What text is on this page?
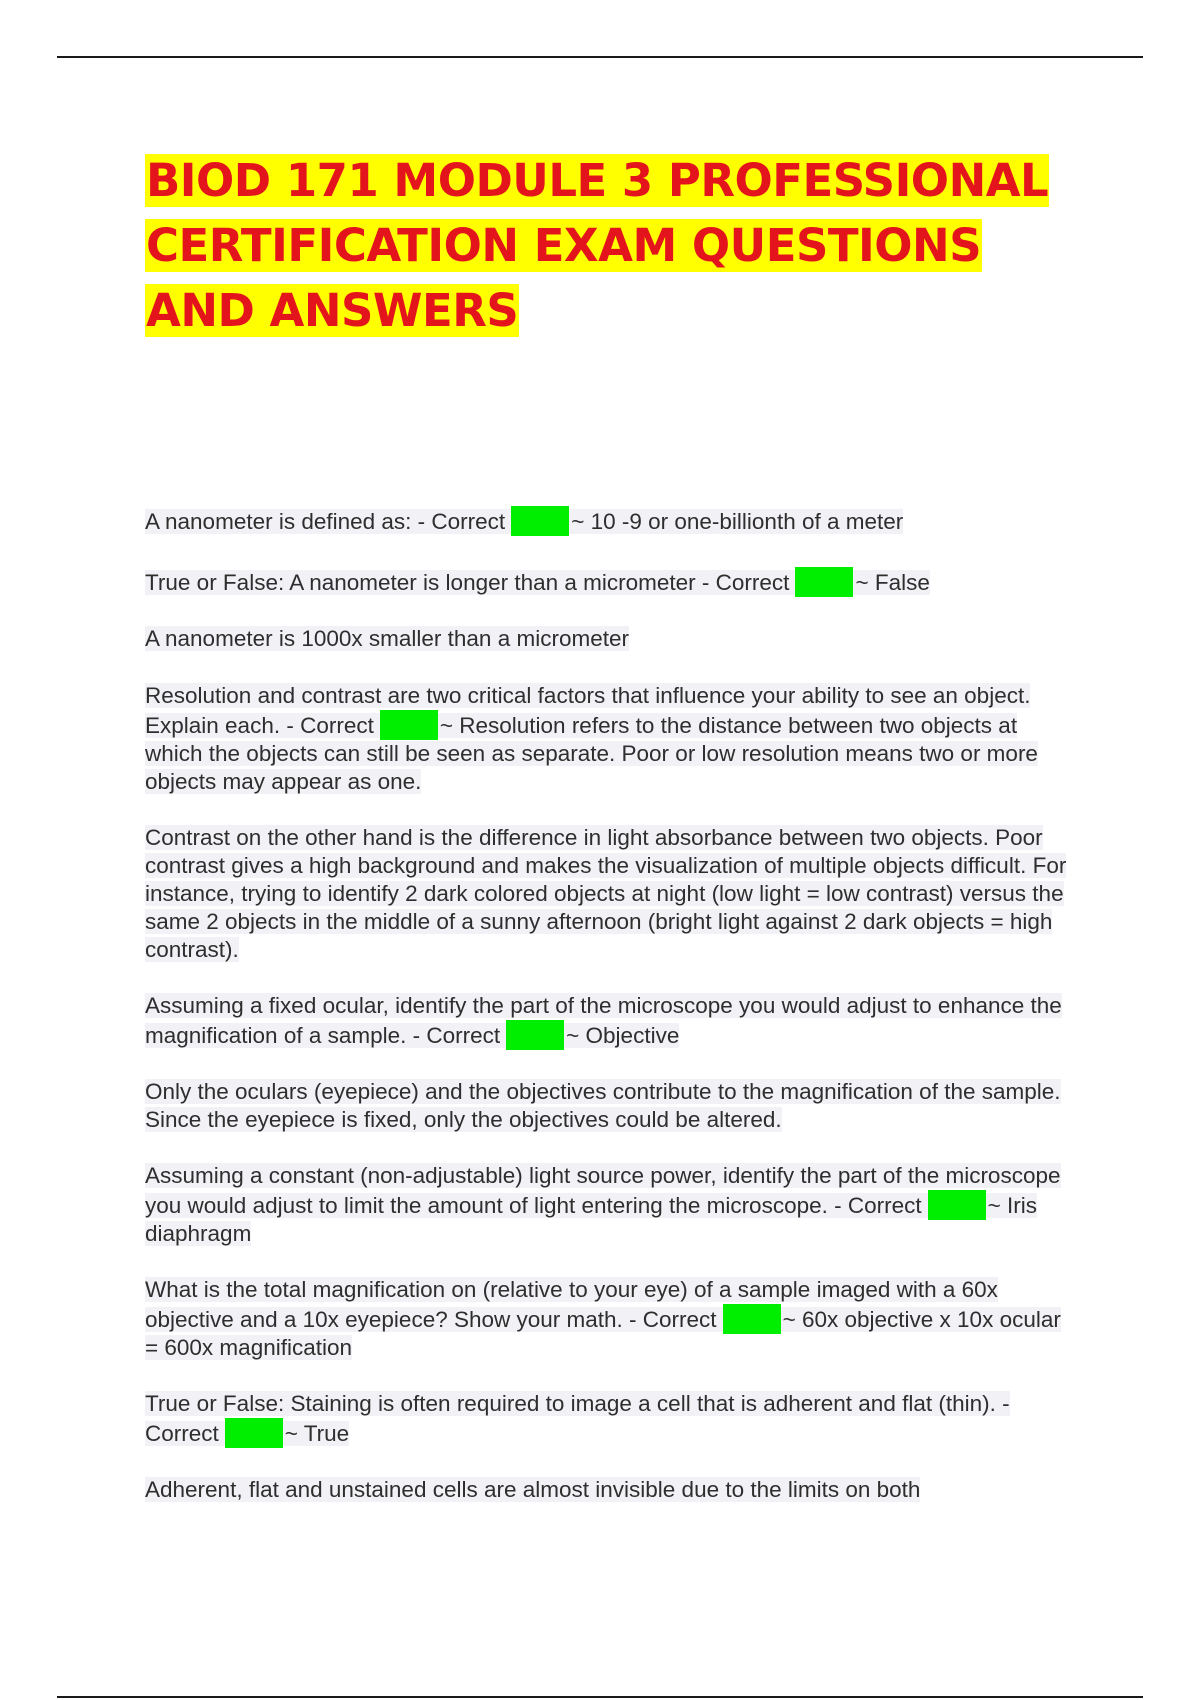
BIOD 171 MODULE 3 PROFESSIONAL CERTIFICATION EXAM QUESTIONS AND ANSWERS

A nanometer is defined as: - Correct	ANS	~ 10 -9 or one-billionth of a meter

True or False: A nanometer is longer than a micrometer - Correct	ANS	~ False

A nanometer is 1000x smaller than a micrometer

Resolution and contrast are two critical factors that influence your ability to see an object. Explain each. - Correct	ANS	~ Resolution refers to the distance between two objects at which the objects can still be seen as separate. Poor or low resolution means two or more objects may appear as one.

Contrast on the other hand is the difference in light absorbance between two objects. Poor contrast gives a high background and makes the visualization of multiple objects difficult. For instance, trying to identify 2 dark colored objects at night (low light = low contrast) versus the same 2 objects in the middle of a sunny afternoon (bright light against 2 dark objects = high contrast).

Assuming a fixed ocular, identify the part of the microscope you would adjust to enhance the magnification of a sample. - Correct	ANS	~ Objective

Only the oculars (eyepiece) and the objectives contribute to the magnification of the sample. Since the eyepiece is fixed, only the objectives could be altered.

Assuming a constant (non-adjustable) light source power, identify the part of the microscope you would adjust to limit the amount of light entering the microscope. - Correct	ANS	~ Iris diaphragm

What is the total magnification on (relative to your eye) of a sample imaged with a 60x objective and a 10x eyepiece? Show your math. - Correct	ANS	~ 60x objective x 10x ocular = 600x magnification

True or False: Staining is often required to image a cell that is adherent and flat (thin). - Correct	ANS	~ True

Adherent, flat and unstained cells are almost invisible due to the limits on both
